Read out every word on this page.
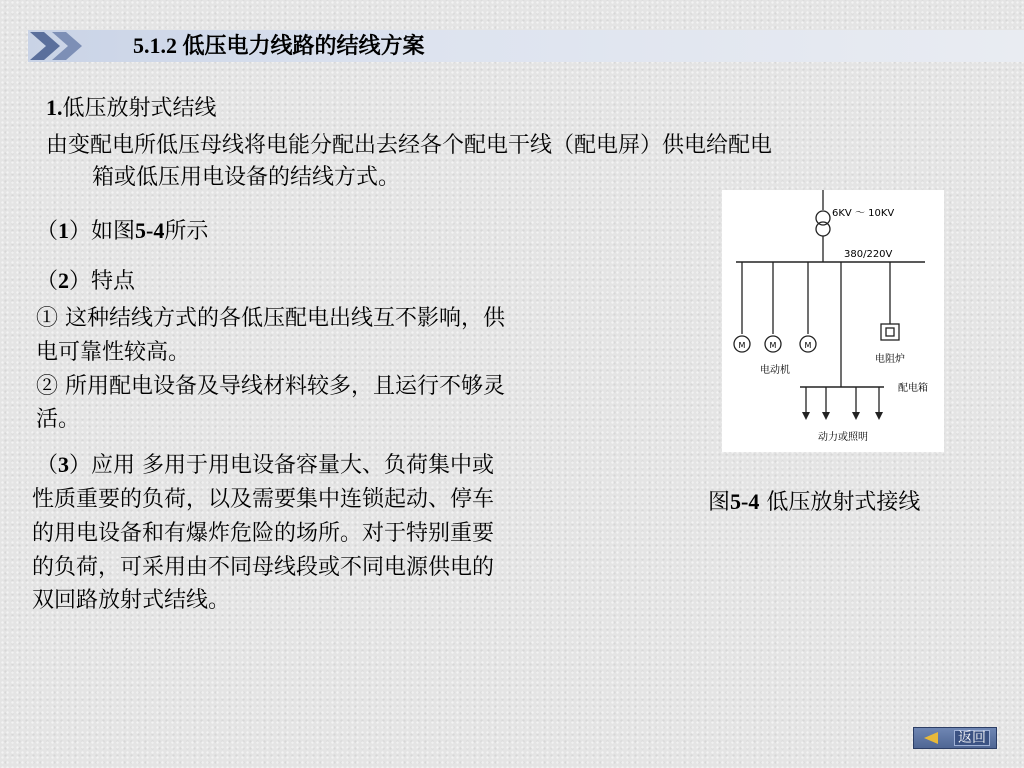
5.1.2 低压电力线路的结线方案
1.低压放射式结线
由变配电所低压母线将电能分配出去经各个配电干线（配电屏）供电给配电
箱或低压用电设备的结线方式。
（1）如图5-4所示
（2）特点
① 这种结线方式的各低压配电出线互不影响，供
电可靠性较高。
② 所用配电设备及导线材料较多，且运行不够灵
活。
（3）应用 多用于用电设备容量大、负荷集中或
性质重要的负荷，以及需要集中连锁起动、停车
的用电设备和有爆炸危险的场所。对于特别重要
的负荷，可采用由不同母线段或不同电源供电的
双回路放射式结线。
6KV ～ 10KV
380/220V
M	M	M
电动机
电阻炉
配电箱
动力或照明
图5-4 低压放射式接线
返回
